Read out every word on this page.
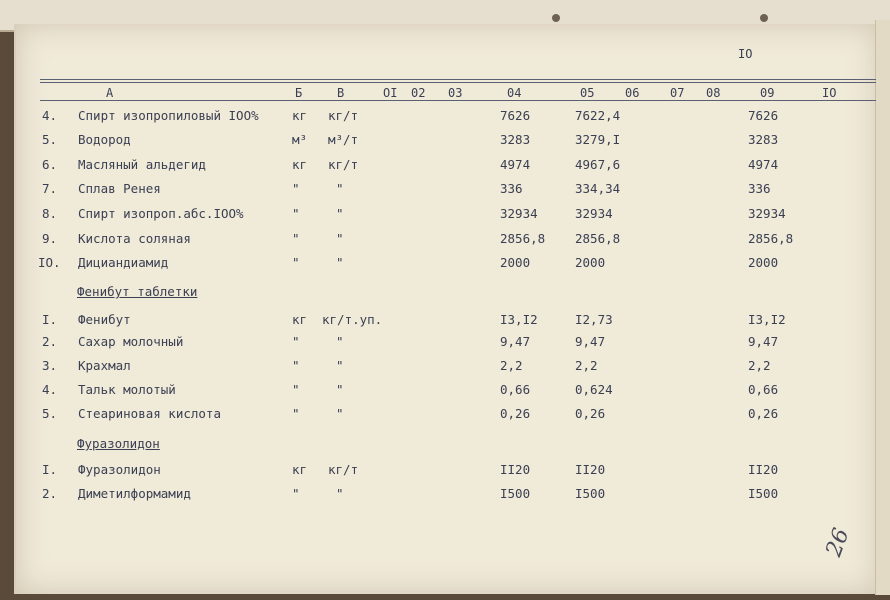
IO
А	Б	В	OI 02 03	04	05	06	07 08	09	IO
4. Спирт изопропиловый IOO%	кг кг/т	7626	7622,4	7626
5. Водород	м³ м³/т	3283	3279,I	3283
6. Масляный альдегид	кг кг/т	4974	4967,6	4974
7. Сплав Ренея	"	"	336	334,34	336
8. Спирт изопроп.абс.IOO%	"	"	32934	32934	32934
9. Кислота соляная	"	"	2856,8 2856,8	2856,8
IO. Дициандиамид	"	"	2000	2000	2000
Фенибут таблетки
I. Фенибут	кг кг/т.уп.	I3,I2	I2,73	I3,I2
2. Сахар молочный	"	"	9,47	9,47	9,47
3. Крахмал	"	"	2,2	2,2	2,2
4. Тальк молотый	"	"	0,66	0,624	0,66
5. Стеариновая кислота	"	"	0,26	0,26	0,26
Фуразолидон
I. Фуразолидон	кг кг/т	II20	II20	II20
2. Диметилформамид	"	"	I500	I500	I500
26
